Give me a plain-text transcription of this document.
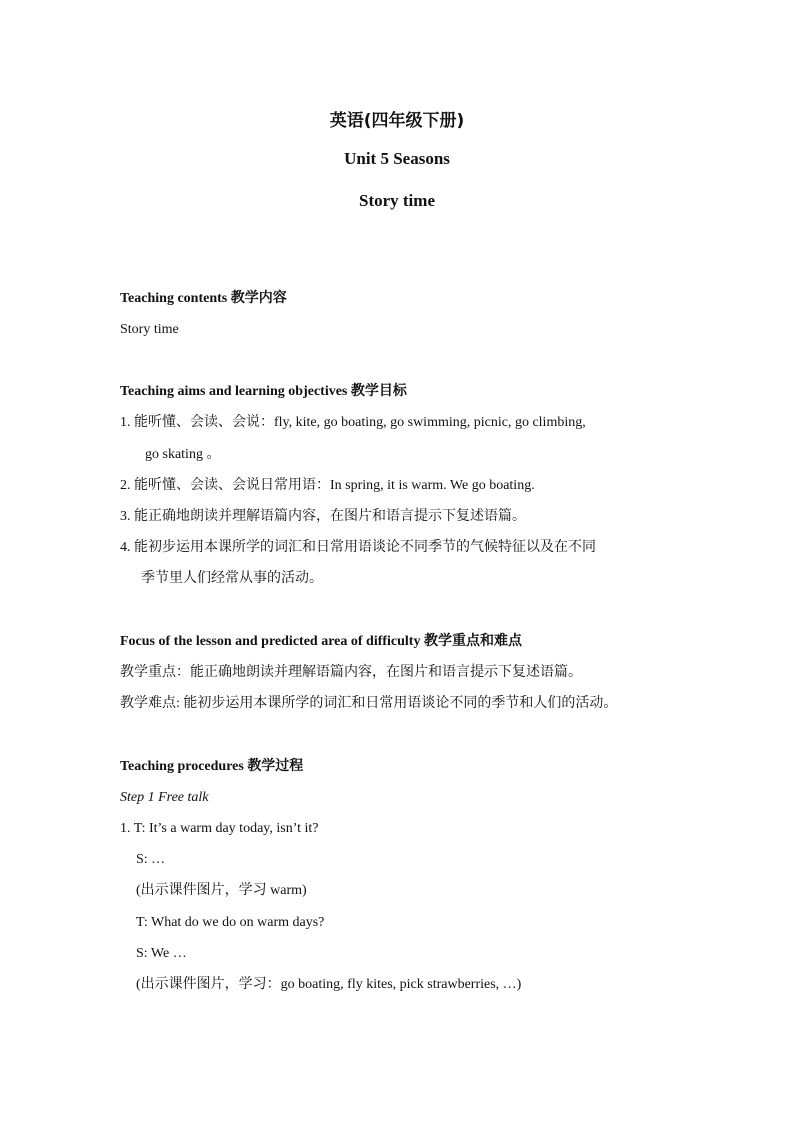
英语(四年级下册)
Unit 5 Seasons
Story time
Teaching contents 教学内容
Story time
Teaching aims and learning objectives 教学目标
1. 能听懂、会读、会说：fly, kite, go boating, go swimming, picnic, go climbing,
go skating 。
2. 能听懂、会读、会说日常用语：In spring, it is warm. We go boating.
3. 能正确地朗读并理解语篇内容，在图片和语言提示下复述语篇。
4. 能初步运用本课所学的词汇和日常用语谈论不同季节的气候特征以及在不同
季节里人们经常从事的活动。
Focus of the lesson and predicted area of difficulty 教学重点和难点
教学重点：能正确地朗读并理解语篇内容，在图片和语言提示下复述语篇。
教学难点: 能初步运用本课所学的词汇和日常用语谈论不同的季节和人们的活动。
Teaching procedures 教学过程
Step 1 Free talk
1. T: It’s a warm day today, isn’t it?
S: …
(出示课件图片，学习 warm)
T: What do we do on warm days?
S: We …
(出示课件图片，学习：go boating, fly kites, pick strawberries, …)
